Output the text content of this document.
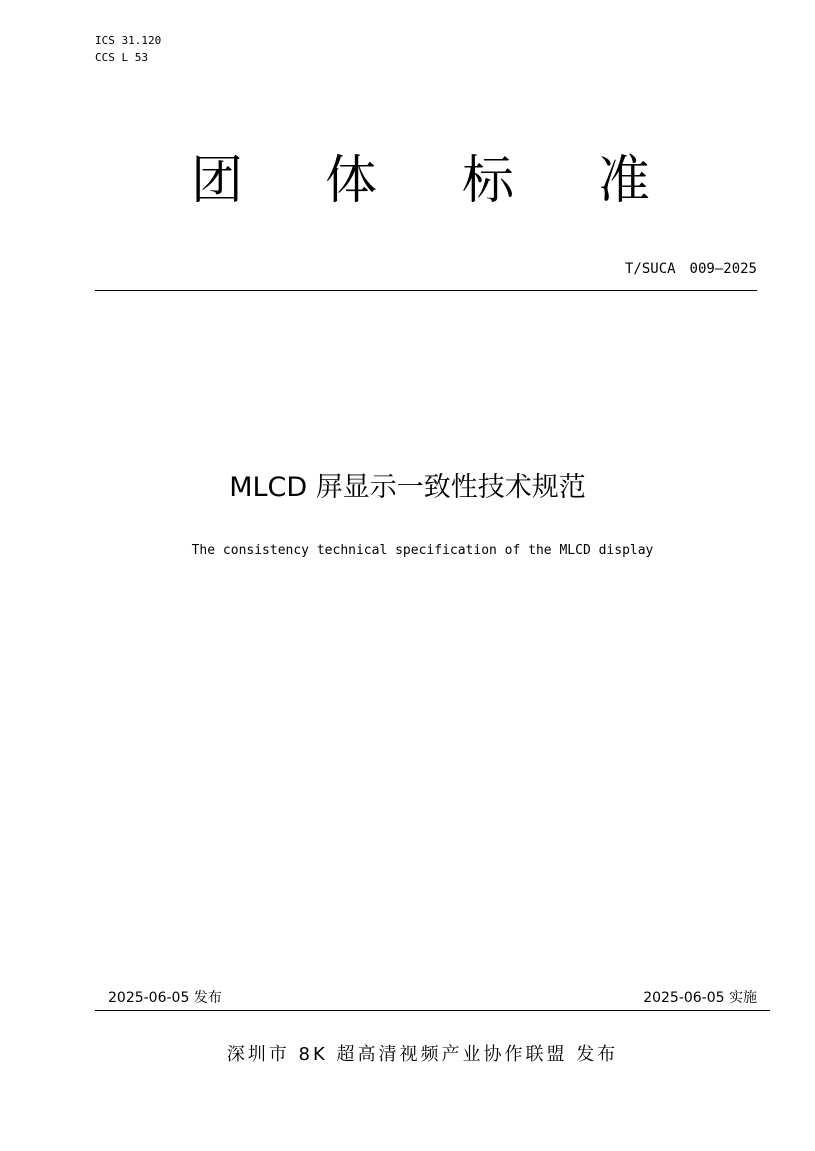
ICS 31.120

CCS L 53

团 体 标 准

T/SUCA　009—2025

MLCD 屏显示一致性技术规范

The consistency technical specification of the MLCD display

2025-06-05 发布	2025-06-05 实施

深圳市 8K 超高清视频产业协作联盟 发布
